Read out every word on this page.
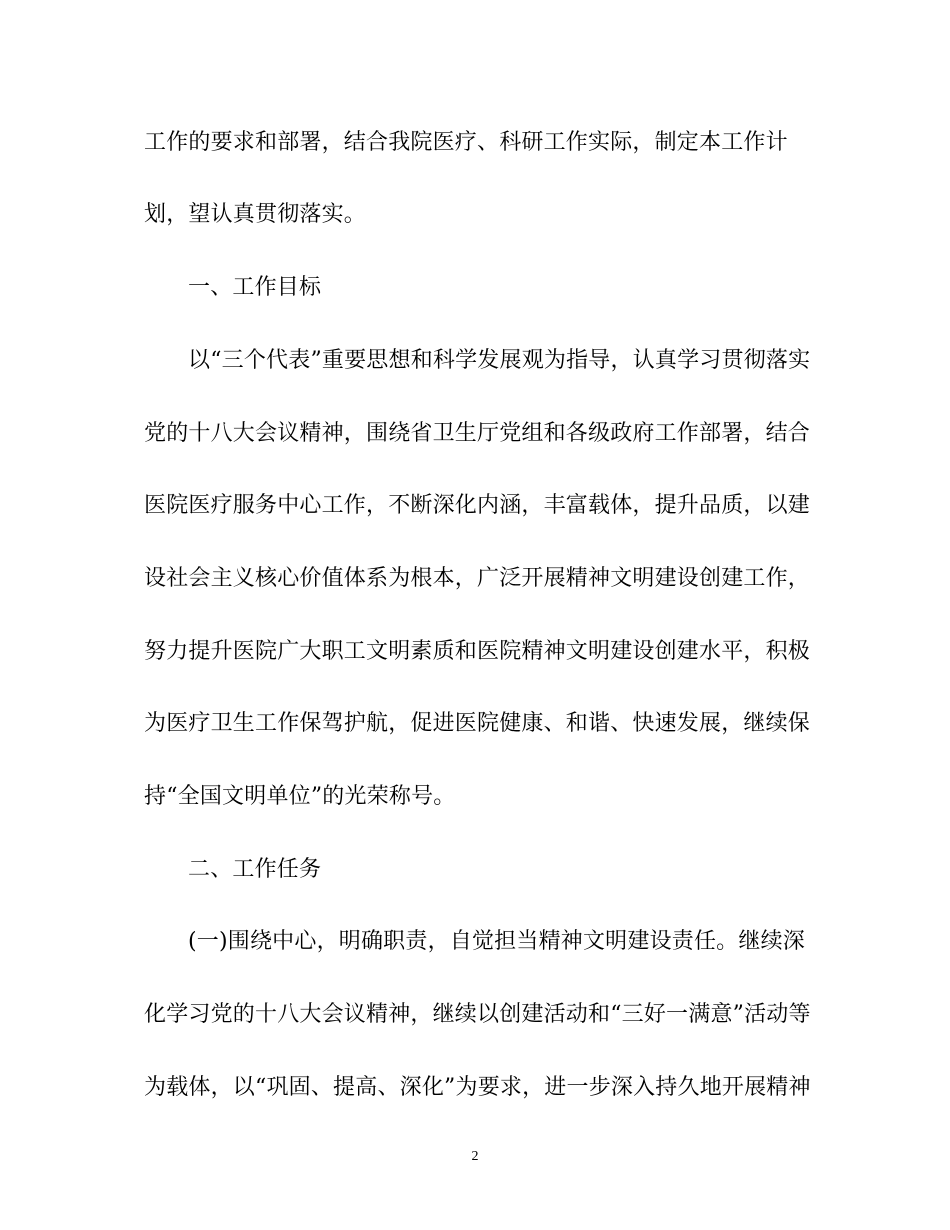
工作的要求和部署，结合我院医疗、科研工作实际，制定本工作计
划，望认真贯彻落实。
一、工作目标
以“三个代表”重要思想和科学发展观为指导，认真学习贯彻落实
党的十八大会议精神，围绕省卫生厅党组和各级政府工作部署，结合
医院医疗服务中心工作，不断深化内涵，丰富载体，提升品质，以建
设社会主义核心价值体系为根本，广泛开展精神文明建设创建工作，
努力提升医院广大职工文明素质和医院精神文明建设创建水平，积极
为医疗卫生工作保驾护航，促进医院健康、和谐、快速发展，继续保
持“全国文明单位”的光荣称号。
二、工作任务
(一)围绕中心，明确职责，自觉担当精神文明建设责任。继续深
化学习党的十八大会议精神，继续以创建活动和“三好一满意”活动等
为载体，以“巩固、提高、深化”为要求，进一步深入持久地开展精神
2
